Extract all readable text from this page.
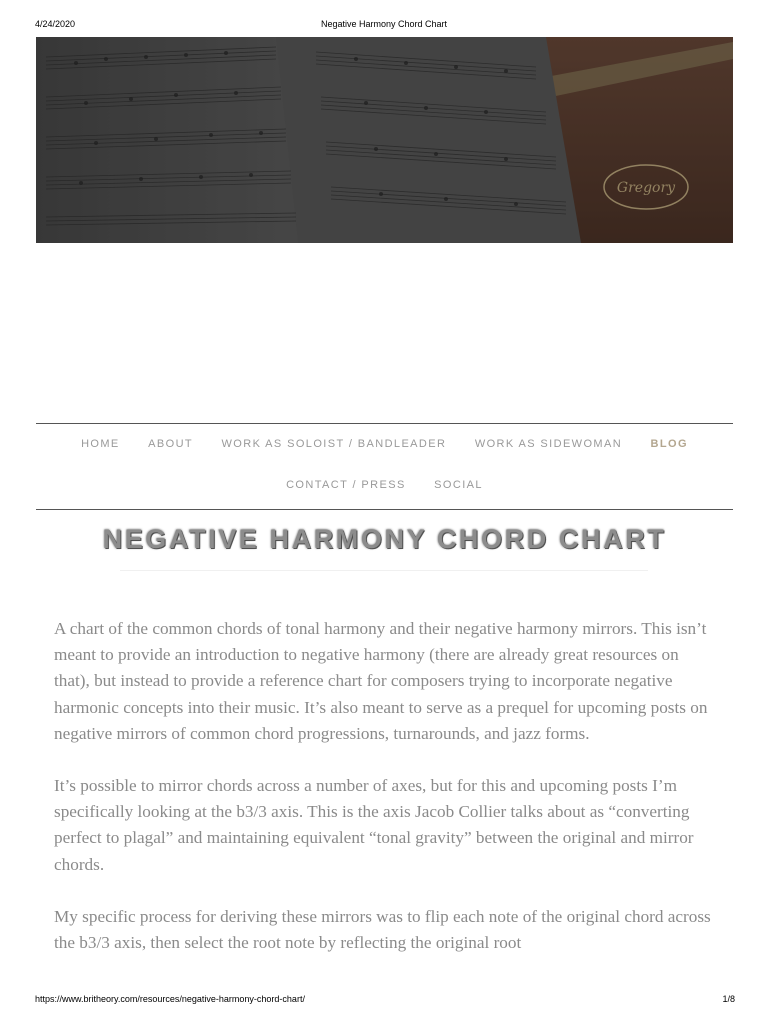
4/24/2020	Negative Harmony Chord Chart
Gregory
HOME	ABOUT	WORK AS SOLOIST / BANDLEADER	WORK AS SIDEWOMAN	BLOG
CONTACT / PRESS	SOCIAL
NEGATIVE HARMONY CHORD CHART

A chart of the common chords of tonal harmony and their negative harmony mirrors. This isn’t meant to provide an introduction to negative harmony (there are already great resources on that), but instead to provide a reference chart for composers trying to incorporate negative harmonic concepts into their music. It’s also meant to serve as a prequel for upcoming posts on negative mirrors of common chord progressions, turnarounds, and jazz forms.

It’s possible to mirror chords across a number of axes, but for this and upcoming posts I’m specifically looking at the b3/3 axis. This is the axis Jacob Collier talks about as “converting perfect to plagal” and maintaining equivalent “tonal gravity” between the original and mirror chords.

My specific process for deriving these mirrors was to flip each note of the original chord across the b3/3 axis, then select the root note by reflecting the original root

https://www.britheory.com/resources/negative-harmony-chord-chart/	1/8
